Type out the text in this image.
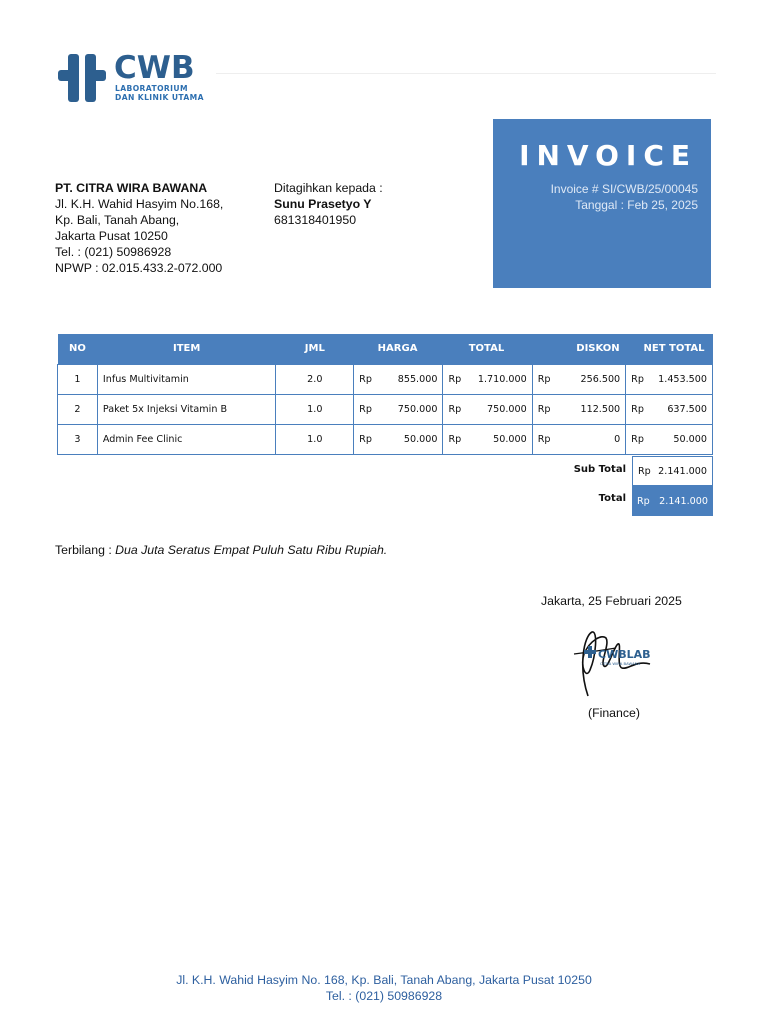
CWB
LABORATORIUM
DAN KLINIK UTAMA
INVOICE
Invoice # SI/CWB/25/00045
Tanggal : Feb 25, 2025
PT. CITRA WIRA BAWANA
Jl. K.H. Wahid Hasyim No.168,
Kp. Bali, Tanah Abang,
Jakarta Pusat 10250
Tel. : (021) 50986928
NPWP : 02.015.433.2-072.000
Ditagihkan kepada :
Sunu Prasetyo Y
681318401950
NO	ITEM	JML	HARGA		TOTAL		DISKON		NET TOTAL	
1	Infus Multivitamin	2.0	Rp	855.000	Rp	1.710.000	Rp	256.500	Rp	1.453.500
2	Paket 5x Injeksi Vitamin B	1.0	Rp	750.000	Rp	750.000	Rp	112.500	Rp	637.500
3	Admin Fee Clinic	1.0	Rp	50.000	Rp	50.000	Rp	0	Rp	50.000
Sub Total Rp 2.141.000
Total Rp 2.141.000
Terbilang : Dua Juta Seratus Empat Puluh Satu Ribu Rupiah.
Jakarta, 25 Februari 2025
CWBLAB
CITRA WIRA BAWANA
(Finance)
Jl. K.H. Wahid Hasyim No. 168, Kp. Bali, Tanah Abang, Jakarta Pusat 10250
Tel. : (021) 50986928
